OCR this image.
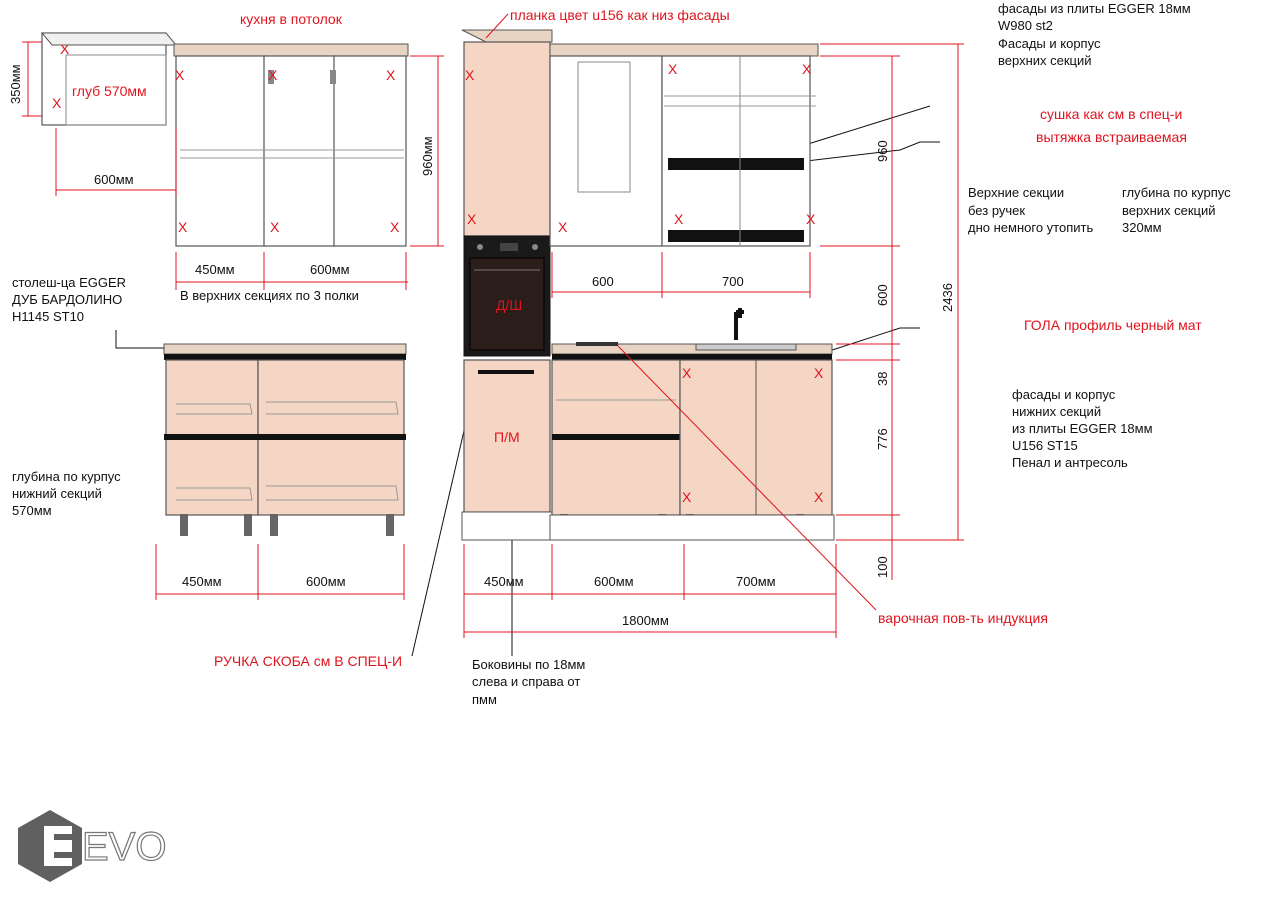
X
X
глуб 570мм
X	X	X
X	X	X
350мм
600мм
960мм
450мм	600мм
450мм	600мм
X
X
Д/Ш
П/М
X
X	X
X	X
X	X
X	X
600	700
960
600
38
776
100
2436
450мм	600мм	700мм
1800мм
кухня в потолок	планка цвет u156 как низ фасады	фасады из плиты EGGER 18мм
W980 st2
Фасады и корпус
верхних секций
сушка как см в спец-и
вытяжка встраиваемая
Верхние секции
без ручек
дно немного утопить
глубина по курпус
верхних секций
320мм
столеш-ца EGGER
ДУБ БАРДОЛИНО
H1145 ST10
В верхних секциях по 3 полки
ГОЛА профиль черный мат
фасады и корпус
нижних секций
из плиты EGGER 18мм
U156 ST15
Пенал и антресоль
глубина по курпус
нижний секций
570мм
варочная пов-ть индукция
РУЧКА СКОБА см В СПЕЦ-И	Боковины по 18мм
слева и справа от
пмм
EVO
